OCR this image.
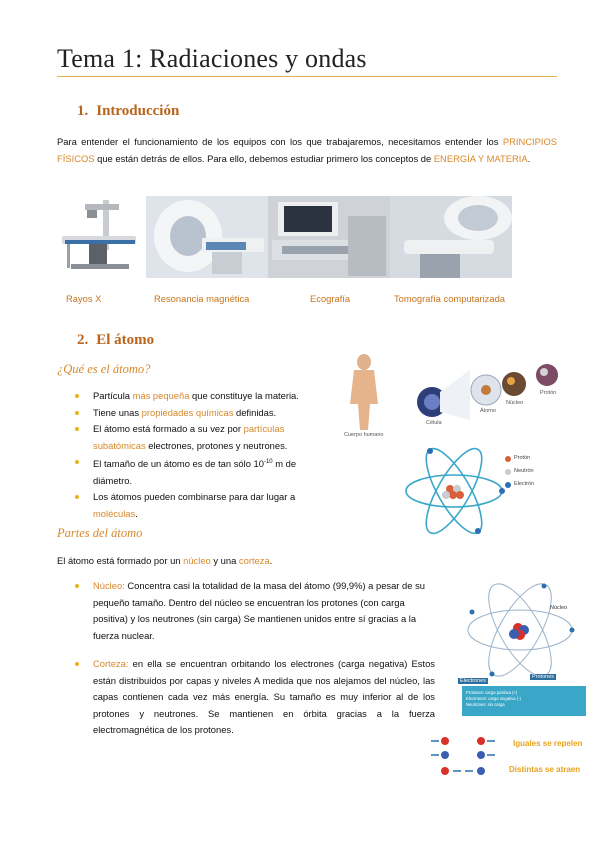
Tema 1: Radiaciones y ondas
1. Introducción
Para entender el funcionamiento de los equipos con los que trabajaremos, necesitamos entender los PRINCIPIOS FÍSICOS que están detrás de ellos. Para ello, debemos estudiar primero los conceptos de ENERGÍA Y MATERIA.
Rayos X	Resonancia magnética	Ecografía	Tomografía computarizada
2. El átomo
¿Qué es el átomo?
Partícula más pequeña que constituye la materia.
Tiene unas propiedades químicas definidas.
El átomo está formado a su vez por partículas subatómicas electrones, protones y neutrones.
El tamaño de un átomo es de tan sólo $10^{-10}$ m de diámetro.
Los átomos pueden combinarse para dar lugar a moléculas.
Cuerpo humano
Célula
Átomo
Núcleo
Protón
Protón
Neutrón
Electrón
Partes del átomo
El átomo está formado por un núcleo y una corteza.
Núcleo: Concentra casi la totalidad de la masa del átomo (99,9%) a pesar de su pequeño tamaño. Dentro del núcleo se encuentran los protones (con carga positiva) y los neutrones (sin carga) Se mantienen unidos entre sí gracias a la fuerza nuclear.
Corteza: en ella se encuentran orbitando los electrones (carga negativa) Estos están distribuidos por capas y niveles A medida que nos alejamos del núcleo, las capas contienen cada vez más energía. Su tamaño es muy inferior al de los protones y neutrones. Se mantienen en órbita gracias a la fuerza electromagnética de los protones.
Núcleo
Electrones
Protones
Protones: carga positiva (+)
Electrones: carga negativa (-)
Neutrones: sin carga
Iguales se repelen
Distintas se atraen
